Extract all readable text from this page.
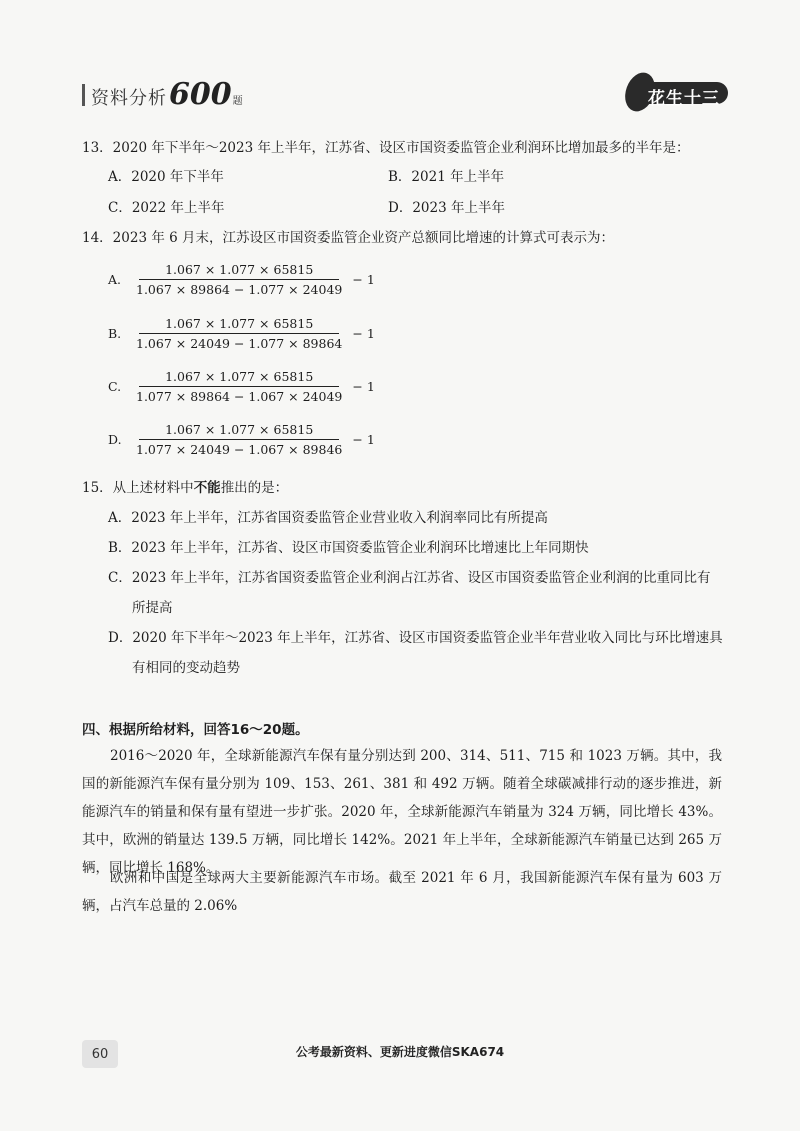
资料分析 600 题	花生十三
13．2020 年下半年～2023 年上半年，江苏省、设区市国资委监管企业利润环比增加最多的半年是：
A．2020 年下半年	B．2021 年上半年
C．2022 年上半年	D．2023 年上半年
14．2023 年 6 月末，江苏设区市国资委监管企业资产总额同比增速的计算式可表示为：
A. $\frac{1.067 \times 1.077 \times 65815}{1.067 \times 89864 - 1.077 \times 24049} - 1$
B. $\frac{1.067 \times 1.077 \times 65815}{1.067 \times 24049 - 1.077 \times 89864} - 1$
C. $\frac{1.067 \times 1.077 \times 65815}{1.077 \times 89864 - 1.067 \times 24049} - 1$
D. $\frac{1.067 \times 1.077 \times 65815}{1.077 \times 24049 - 1.067 \times 89846} - 1$
15．从上述材料中不能推出的是：
A．2023 年上半年，江苏省国资委监管企业营业收入利润率同比有所提高
B．2023 年上半年，江苏省、设区市国资委监管企业利润环比增速比上年同期快
C．2023 年上半年，江苏省国资委监管企业利润占江苏省、设区市国资委监管企业利润的比重同比有
所提高
D．2020 年下半年～2023 年上半年，江苏省、设区市国资委监管企业半年营业收入同比与环比增速具
有相同的变动趋势
四、根据所给材料，回答16～20题。
2016～2020 年，全球新能源汽车保有量分别达到 200、314、511、715 和 1023 万辆。其中，我国的新能源汽车保有量分别为 109、153、261、381 和 492 万辆。随着全球碳减排行动的逐步推进，新能源汽车的销量和保有量有望进一步扩张。2020 年，全球新能源汽车销量为 324 万辆，同比增长 43%。其中，欧洲的销量达 139.5 万辆，同比增长 142%。2021 年上半年，全球新能源汽车销量已达到 265 万辆，同比增长 168%。
欧洲和中国是全球两大主要新能源汽车市场。截至 2021 年 6 月，我国新能源汽车保有量为 603 万辆，占汽车总量的 2.06%
60	公考最新资料、更新进度微信SKA674
